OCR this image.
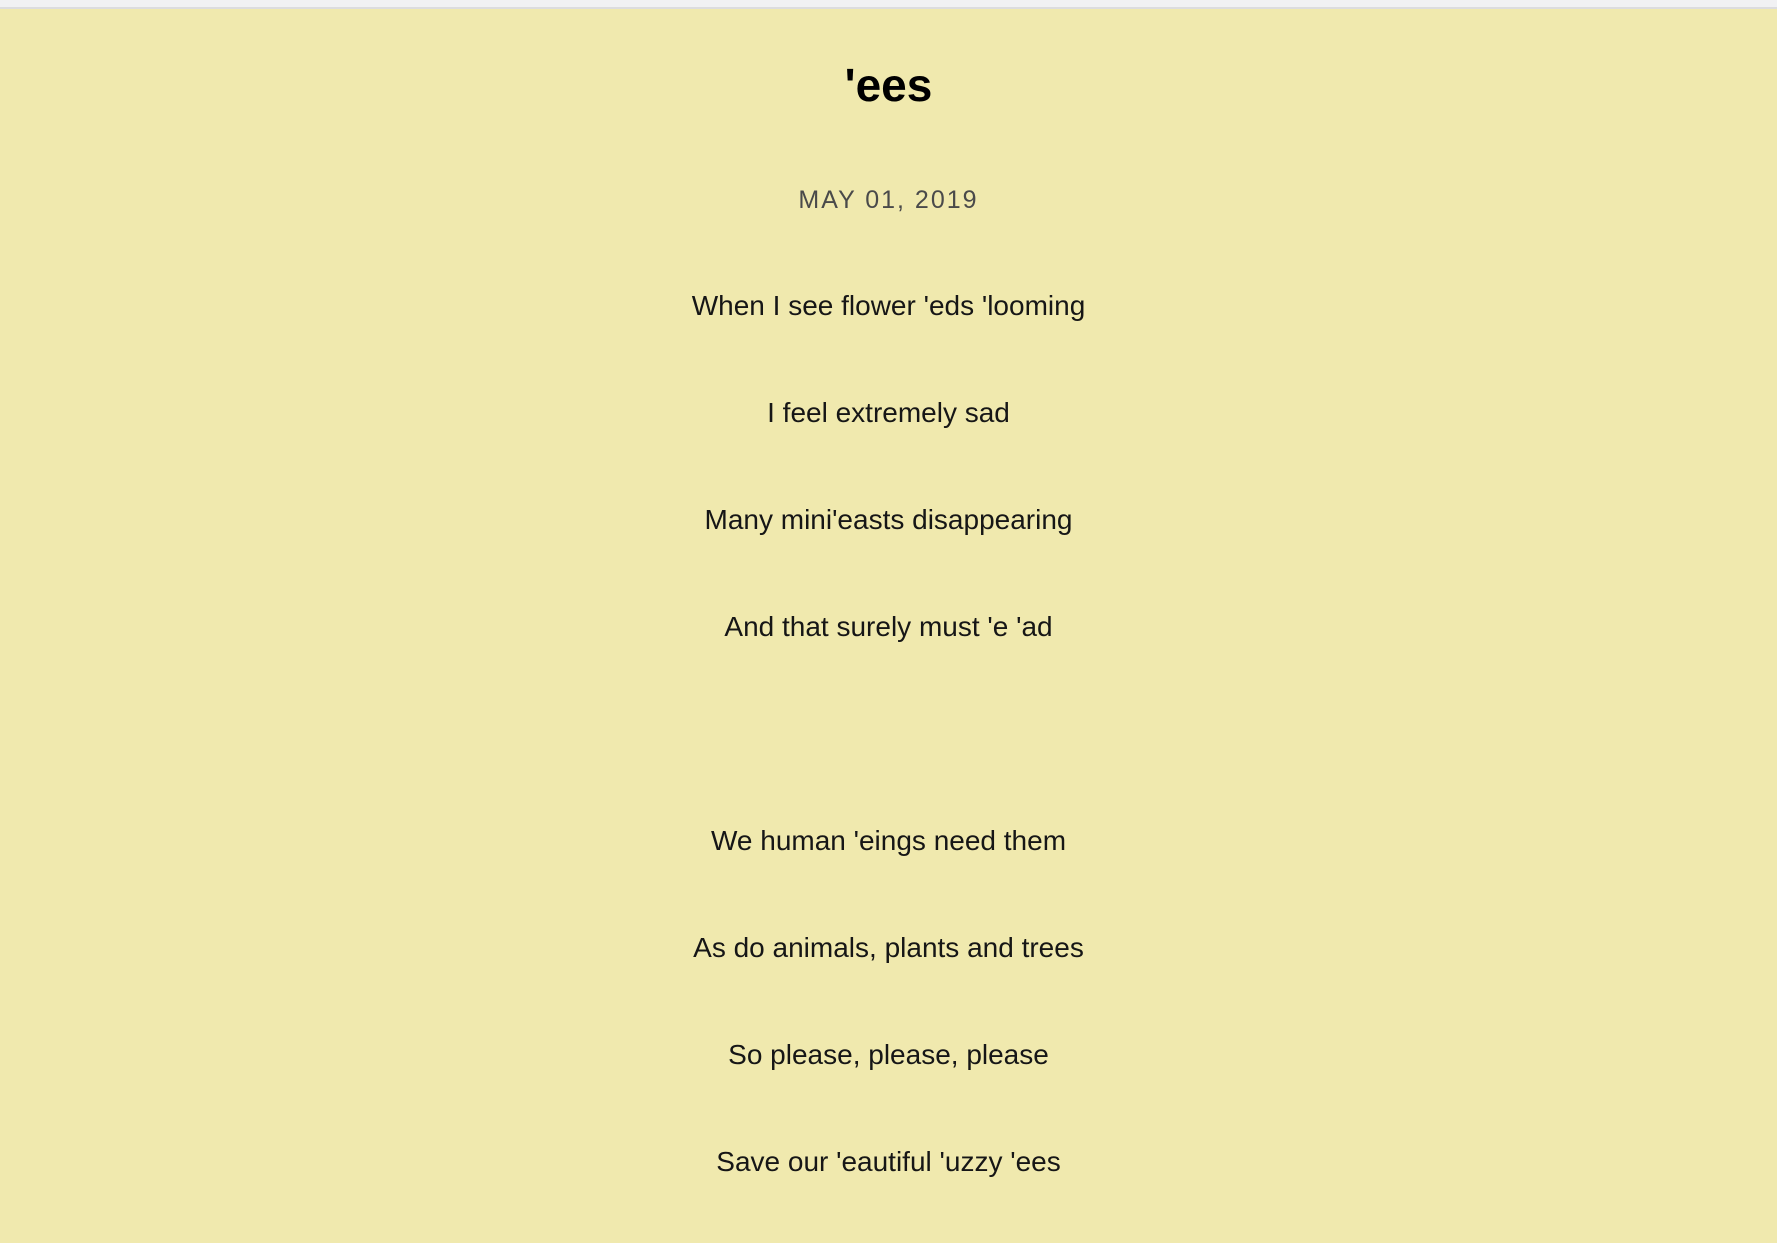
'ees

MAY 01, 2019

When I see flower 'eds 'looming

I feel extremely sad

Many mini'easts disappearing

And that surely must 'e 'ad

We human 'eings need them

As do animals, plants and trees

So please, please, please

Save our 'eautiful 'uzzy 'ees
